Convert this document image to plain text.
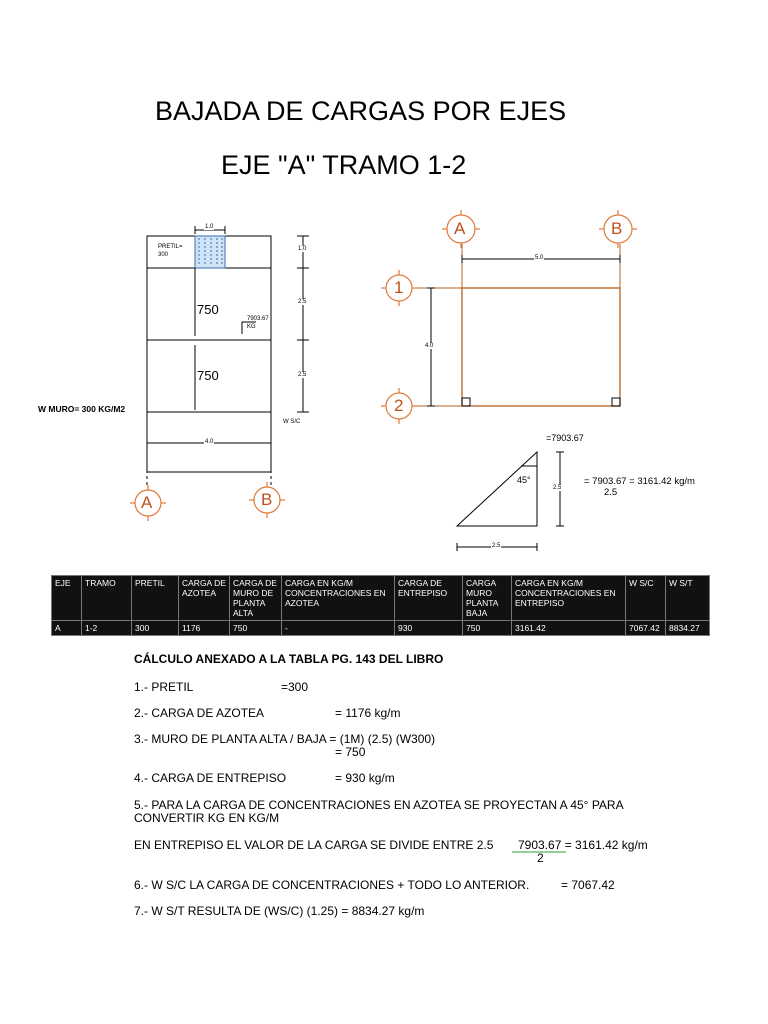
BAJADA DE CARGAS POR EJES
EJE "A" TRAMO 1-2
1.0
PRETIL=
300
1.0
2.5
2.5
750
750
7903.67
KG
W MURO= 300 KG/M2
W S/C
4.0
A	B
A	B
1
2
5.0
4.0
=7903.67
45°
2.5
2.5
= 7903.67 = 3161.42 kg/m
2.5
EJE	TRAMO	PRETIL	CARGA DE AZOTEA	CARGA DE MURO DE PLANTA ALTA	CARGA EN KG/M CONCENTRACIONES EN AZOTEA	CARGA DE ENTREPISO	CARGA MURO PLANTA BAJA	CARGA EN KG/M CONCENTRACIONES EN ENTREPISO	W S/C	W S/T
A	1-2	300	1176	750	-	930	750	3161.42	7067.42	8834.27
CÁLCULO ANEXADO A LA TABLA PG. 143 DEL LIBRO
1.- PRETIL	=300
2.- CARGA DE AZOTEA	= 1176 kg/m
3.- MURO DE PLANTA ALTA / BAJA = (1M) (2.5) (W300)
= 750
4.- CARGA DE ENTREPISO	= 930 kg/m
5.- PARA LA CARGA DE CONCENTRACIONES EN AZOTEA SE PROYECTAN A 45° PARA
CONVERTIR KG EN KG/M
EN ENTREPISO EL VALOR DE LA CARGA SE DIVIDE ENTRE 2.5 7903.67 = 3161.42 kg/m
2
6.- W S/C LA CARGA DE CONCENTRACIONES + TODO LO ANTERIOR.	= 7067.42
7.- W S/T RESULTA DE (WS/C) (1.25) = 8834.27 kg/m
